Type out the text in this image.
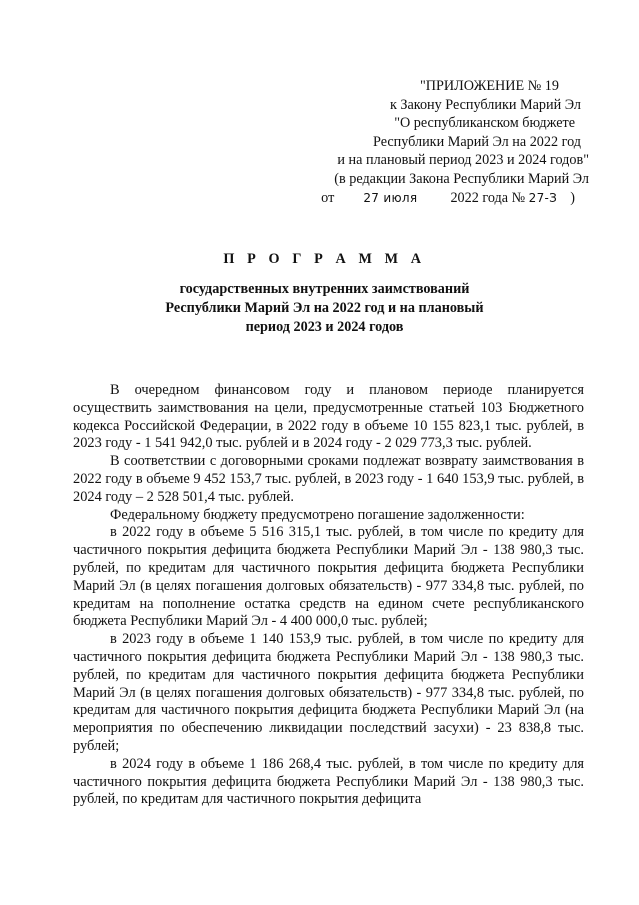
"ПРИЛОЖЕНИЕ № 19
к Закону Республики Марий Эл
"О республиканском бюджете
Республики Марий Эл на 2022 год
и на плановый период 2023 и 2024 годов"
(в редакции Закона Республики Марий Эл
от 27 июля 2022 года № 27-З )
П Р О Г Р А М М А
государственных внутренних заимствований
Республики Марий Эл на 2022 год и на плановый
период 2023 и 2024 годов

В очередном финансовом году и плановом периоде планируется осуществить заимствования на цели, предусмотренные статьей 103 Бюджетного кодекса Российской Федерации, в 2022 году в объеме 10 155 823,1 тыс. рублей, в 2023 году - 1 541 942,0 тыс. рублей и в 2024 году - 2 029 773,3 тыс. рублей.

В соответствии с договорными сроками подлежат возврату заимствования в 2022 году в объеме 9 452 153,7 тыс. рублей, в 2023 году - 1 640 153,9 тыс. рублей, в 2024 году – 2 528 501,4 тыс. рублей.

Федеральному бюджету предусмотрено погашение задолженности:

в 2022 году в объеме 5 516 315,1 тыс. рублей, в том числе по кредиту для частичного покрытия дефицита бюджета Республики Марий Эл - 138 980,3 тыс. рублей, по кредитам для частичного покрытия дефицита бюджета Республики Марий Эл (в целях погашения долговых обязательств) - 977 334,8 тыс. рублей, по кредитам на пополнение остатка средств на едином счете республиканского бюджета Республики Марий Эл - 4 400 000,0 тыс. рублей;

в 2023 году в объеме 1 140 153,9 тыс. рублей, в том числе по кредиту для частичного покрытия дефицита бюджета Республики Марий Эл - 138 980,3 тыс. рублей, по кредитам для частичного покрытия дефицита бюджета Республики Марий Эл (в целях погашения долговых обязательств) - 977 334,8 тыс. рублей, по кредитам для частичного покрытия дефицита бюджета Республики Марий Эл (на мероприятия по обеспечению ликвидации последствий засухи) - 23 838,8 тыс. рублей;

в 2024 году в объеме 1 186 268,4 тыс. рублей, в том числе по кредиту для частичного покрытия дефицита бюджета Республики Марий Эл - 138 980,3 тыс. рублей, по кредитам для частичного покрытия дефицита
